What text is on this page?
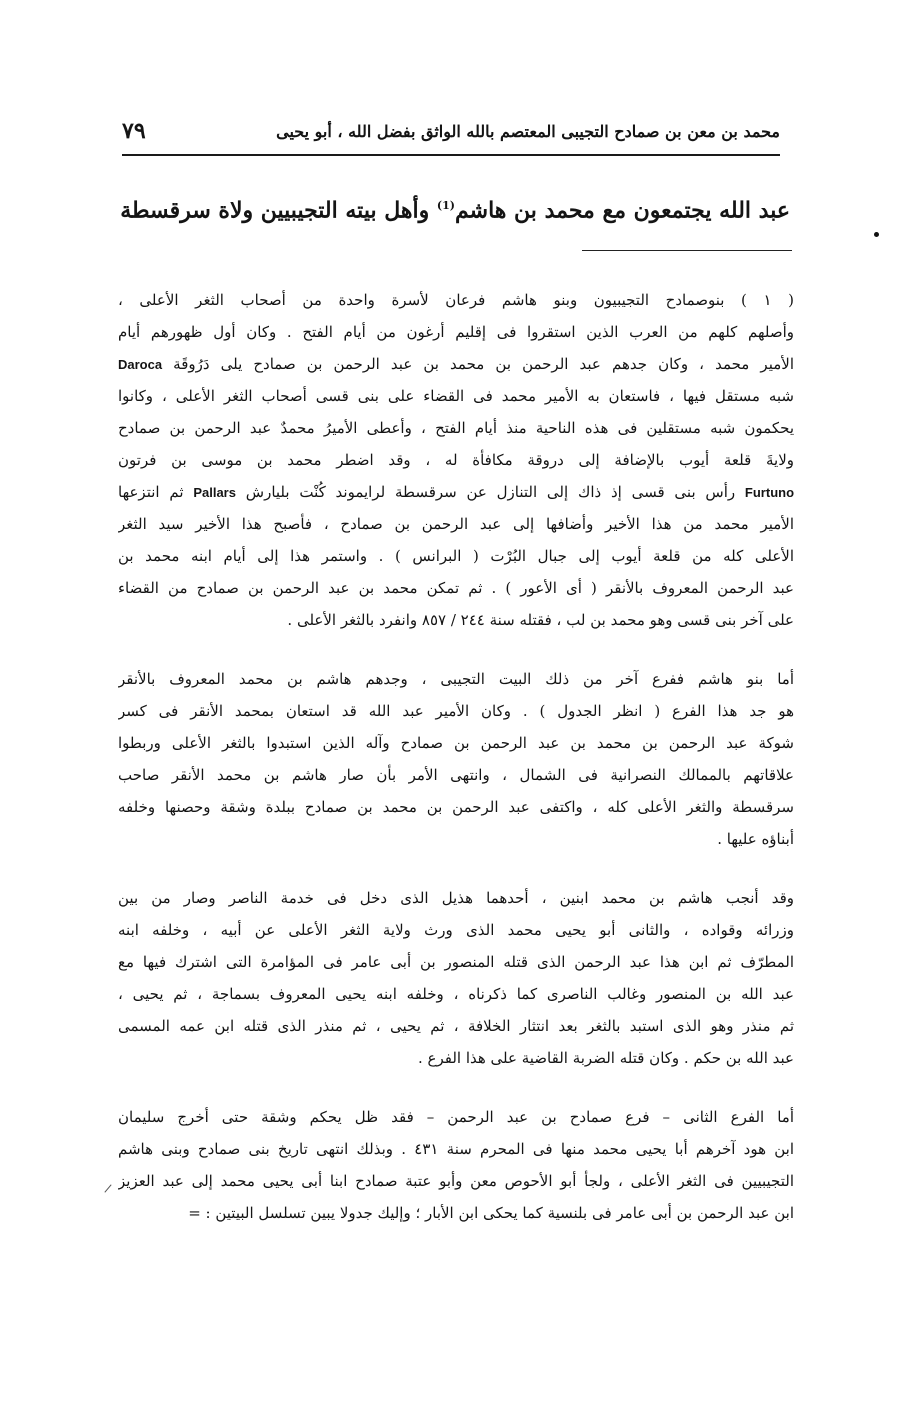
محمد بن معن بن صمادح التجيبى المعتصم بالله الواثق بفضل الله ، أبو يحيى
٧٩
عبد الله يجتمعون مع محمد بن هاشم$^{(1)}$ وأهل بيته التجيبيين ولاة سرقسطة
( ١ ) بنوصمادح التجيبيون وبنو هاشم فرعان لأسرة واحدة من أصحاب الثغر الأعلى ،
وأصلهم كلهم من العرب الذين استقروا فى إقليم أرغون من أيام الفتح . وكان أول ظهورهم أيام
الأمير محمد ، وكان جدهم عبد الرحمن بن محمد بن عبد الرحمن بن صمادح يلى دَرُوقَة Daroca
شبه مستقل فيها ، فاستعان به الأمير محمد فى القضاء على بنى قسى أصحاب الثغر الأعلى ، وكانوا
يحكمون شبه مستقلين فى هذه الناحية منذ أيام الفتح ، وأعطى الأميرُ محمدٌ عبد الرحمن بن صمادح
ولايةَ قلعة أيوب بالإضافة إلى دروقة مكافأة له ، وقد اضطر محمد بن موسى بن فرتون
Furtuno رأس بنى قسى إذ ذاك إلى التنازل عن سرقسطة لرايموند كُنْت بليارش Pallars ثم انتزعها
الأمير محمد من هذا الأخير وأضافها إلى عبد الرحمن بن صمادح ، فأصبح هذا الأخير سيد الثغر
الأعلى كله من قلعة أيوب إلى جبال البُرْت ( البرانس ) . واستمر هذا إلى أيام ابنه محمد بن
عبد الرحمن المعروف بالأنقر ( أى الأعور ) . ثم تمكن محمد بن عبد الرحمن بن صمادح من القضاء
على آخر بنى قسى وهو محمد بن لب ، فقتله سنة ٢٤٤ / ٨٥٧ وانفرد بالثغر الأعلى .
أما بنو هاشم ففرع آخر من ذلك البيت التجيبى ، وجدهم هاشم بن محمد المعروف بالأنقر
هو جد هذا الفرع ( انظر الجدول ) . وكان الأمير عبد الله قد استعان بمحمد الأنقر فى كسر
شوكة عبد الرحمن بن محمد بن عبد الرحمن بن صمادح وآله الذين استبدوا بالثغر الأعلى وربطوا
علاقاتهم بالممالك النصرانية فى الشمال ، وانتهى الأمر بأن صار هاشم بن محمد الأنقر صاحب
سرقسطة والثغر الأعلى كله ، واكتفى عبد الرحمن بن محمد بن صمادح ببلدة وشقة وحصنها وخلفه
أبناؤه عليها .
وقد أنجب هاشم بن محمد ابنين ، أحدهما هذيل الذى دخل فى خدمة الناصر وصار من بين
وزرائه وقواده ، والثانى أبو يحيى محمد الذى ورث ولاية الثغر الأعلى عن أبيه ، وخلفه ابنه
المطرّف ثم ابن هذا عبد الرحمن الذى قتله المنصور بن أبى عامر فى المؤامرة التى اشترك فيها مع
عبد الله بن المنصور وغالب الناصرى كما ذكرناه ، وخلفه ابنه يحيى المعروف بسماجة ، ثم يحيى ،
ثم منذر وهو الذى استبد بالثغر بعد انتثار الخلافة ، ثم يحيى ، ثم منذر الذى قتله ابن عمه المسمى
عبد الله بن حكم . وكان قتله الضربة القاضية على هذا الفرع .
أما الفرع الثانى – فرع صمادح بن عبد الرحمن – فقد ظل يحكم وشقة حتى أخرج سليمان
ابن هود آخرهم أبا يحيى محمد منها فى المحرم سنة ٤٣١ . وبذلك انتهى تاريخ بنى صمادح وبنى هاشم
التجيبيين فى الثغر الأعلى ، ولجأ أبو الأحوص معن وأبو عتبة صمادح ابنا أبى يحيى محمد إلى عبد العزيز
ابن عبد الرحمن بن أبى عامر فى بلنسية كما يحكى ابن الأبار ؛ وإليك جدولا يبين تسلسل البيتين : =
